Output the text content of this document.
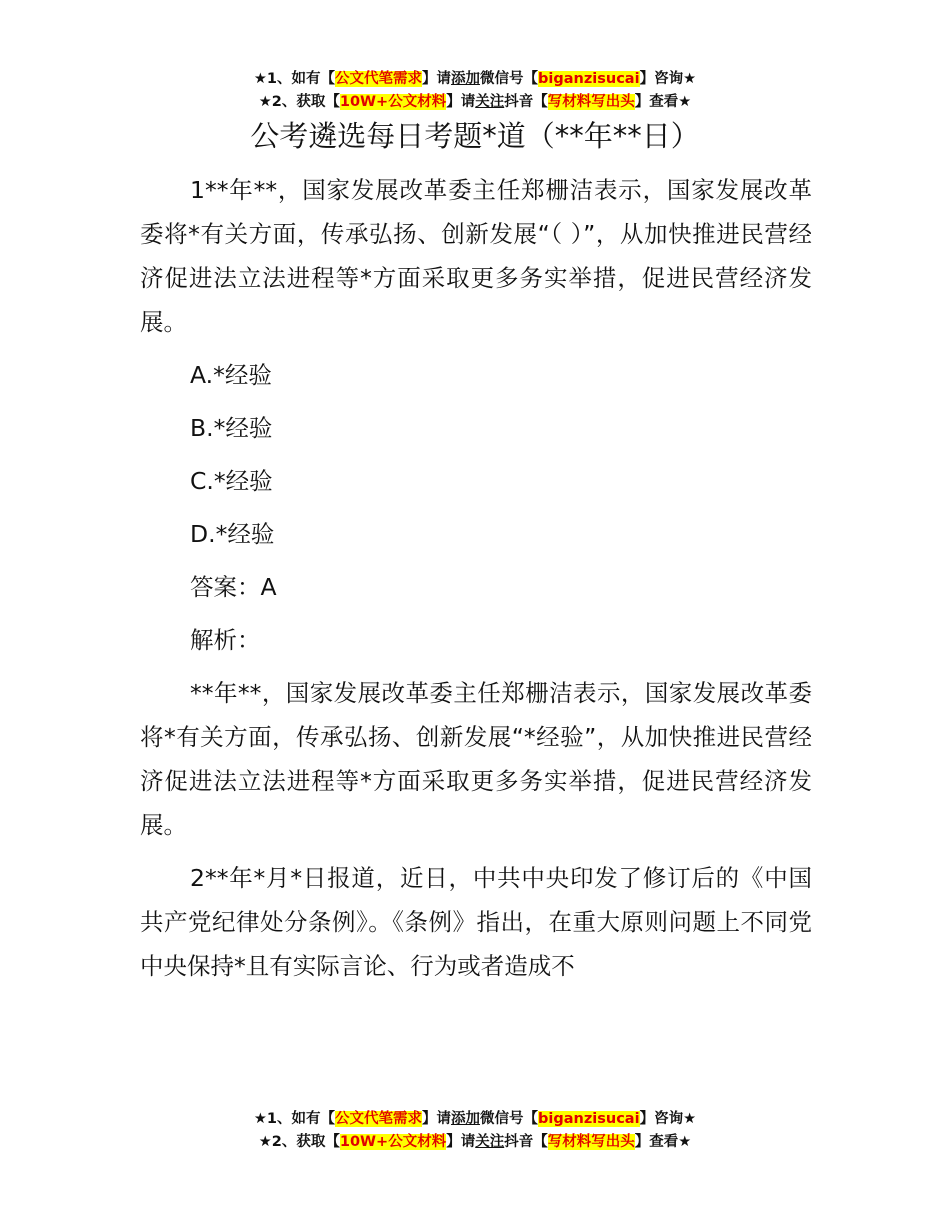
★1、如有【公文代笔需求】请添加微信号【biganzisucai】咨询★
★2、获取【10W+公文材料】请关注抖音【写材料写出头】查看★
公考遴选每日考题*道（**年**日）

1**年**，国家发展改革委主任郑栅洁表示，国家发展改革委将*有关方面，传承弘扬、创新发展“（ ）”，从加快推进民营经济促进法立法进程等*方面采取更多务实举措，促进民营经济发展。

A.*经验

B.*经验

C.*经验

D.*经验

答案：A

解析：

**年**，国家发展改革委主任郑栅洁表示，国家发展改革委将*有关方面，传承弘扬、创新发展“*经验”，从加快推进民营经济促进法立法进程等*方面采取更多务实举措，促进民营经济发展。

2**年*月*日报道，近日，中共中央印发了修订后的《中国共产党纪律处分条例》。《条例》指出，在重大原则问题上不同党中央保持*且有实际言论、行为或者造成不

★1、如有【公文代笔需求】请添加微信号【biganzisucai】咨询★
★2、获取【10W+公文材料】请关注抖音【写材料写出头】查看★
